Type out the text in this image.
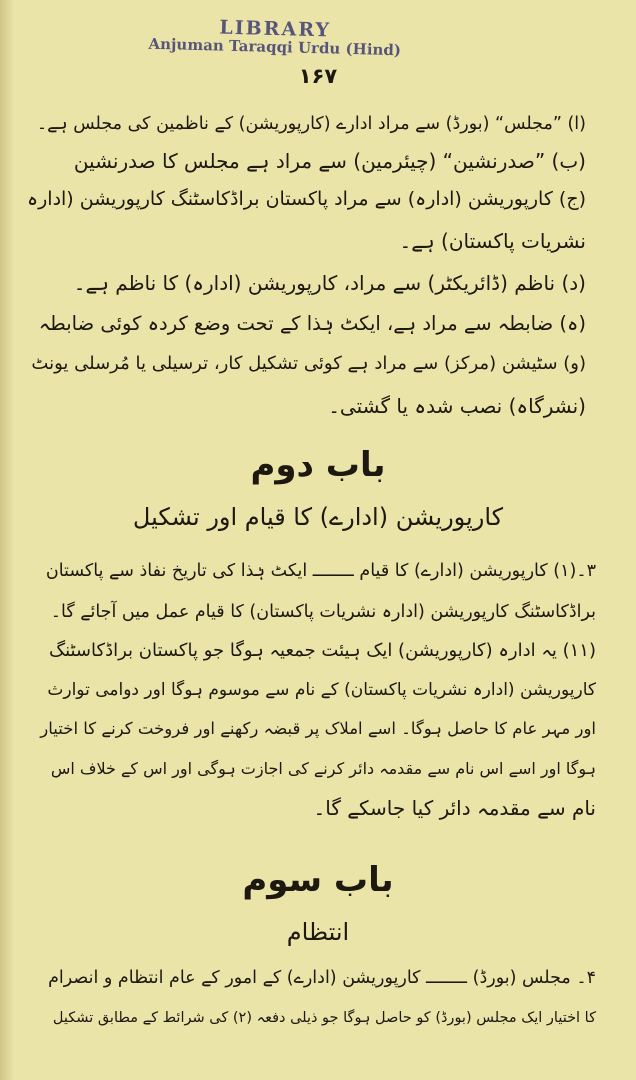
LIBRARY
Anjuman Taraqqi Urdu (Hind)
۱۶۷
(ا) ”مجلس“ (بورڈ) سے مراد ادارے (کارپوریشن) کے ناظمین کی مجلس ہے۔
(ب) ”صدرنشین“ (چیئرمین) سے مراد ہے مجلس کا صدرنشین
(ج) کارپوریشن (ادارہ) سے مراد پاکستان براڈکاسٹنگ کارپوریشن (ادارہ
نشریات پاکستان) ہے۔
(د) ناظم (ڈائریکٹر) سے مراد، کارپوریشن (ادارہ) کا ناظم ہے۔
(ہ) ضابطہ سے مراد ہے، ایکٹ ہٰذا کے تحت وضع کردہ کوئی ضابطہ
(و) سٹیشن (مرکز) سے مراد ہے کوئی تشکیل کار، ترسیلی یا مُرسلی یونٹ
(نشرگاہ) نصب شدہ یا گشتی۔
باب دوم
کارپوریشن (ادارے) کا قیام اور تشکیل
۳۔(۱) کارپوریشن (ادارے) کا قیام ــــــــ ایکٹ ہٰذا کی تاریخ نفاذ سے پاکستان
براڈکاسٹنگ کارپوریشن (ادارہ نشریات پاکستان) کا قیام عمل میں آجائے گا۔
(۱۱) یہ ادارہ (کارپوریشن) ایک ہیئت جمعیہ ہوگا جو پاکستان براڈکاسٹنگ
کارپوریشن (ادارہ نشریات پاکستان) کے نام سے موسوم ہوگا اور دوامی توارث
اور مہر عام کا حاصل ہوگا۔ اسے املاک پر قبضہ رکھنے اور فروخت کرنے کا اختیار
ہوگا اور اسے اس نام سے مقدمہ دائر کرنے کی اجازت ہوگی اور اس کے خلاف اس
نام سے مقدمہ دائر کیا جاسکے گا۔
باب سوم
انتظام
۴۔ مجلس (بورڈ) ــــــــ کارپوریشن (ادارے) کے امور کے عام انتظام و انصرام
کا اختیار ایک مجلس (بورڈ) کو حاصل ہوگا جو ذیلی دفعہ (۲) کی شرائط کے مطابق تشکیل
